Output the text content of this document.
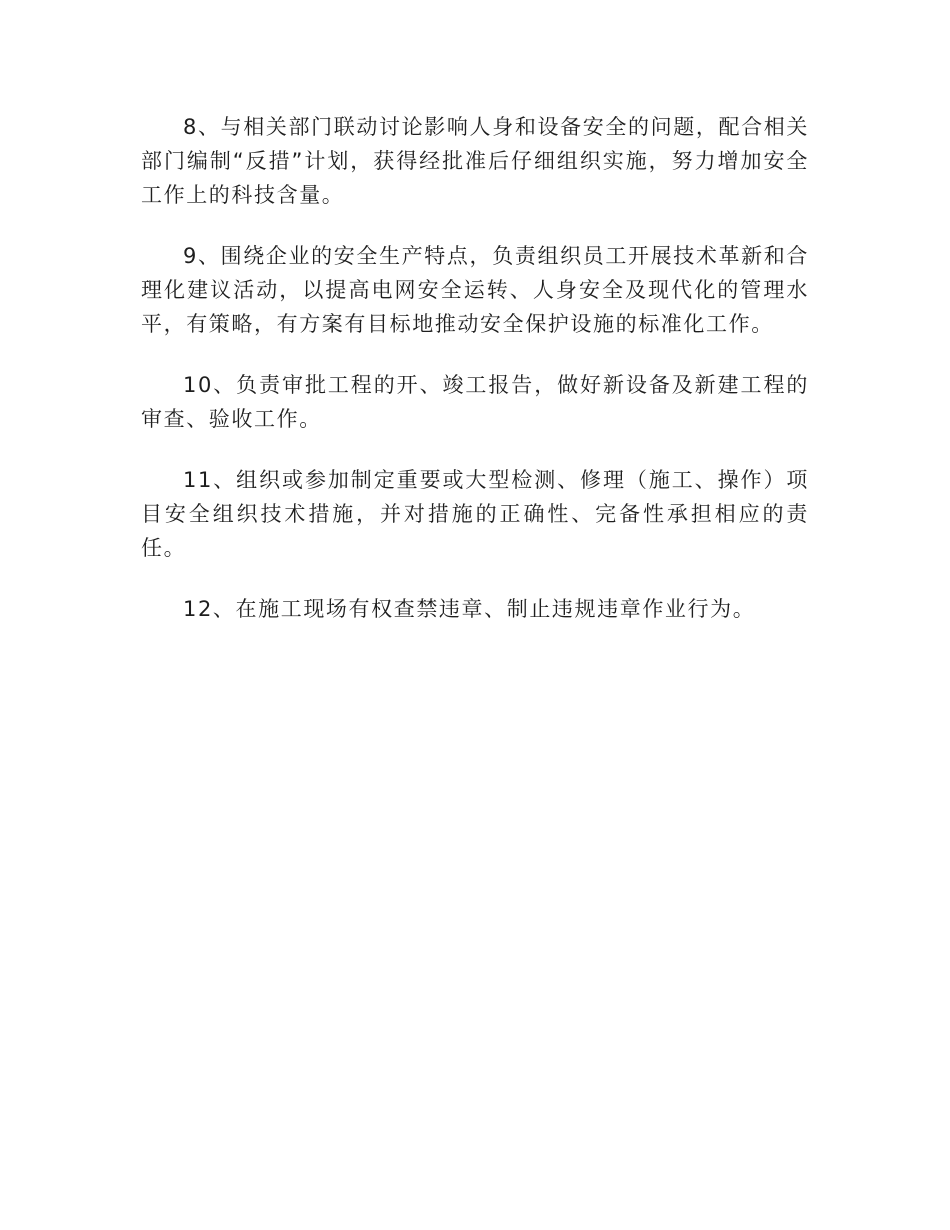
8、与相关部门联动讨论影响人身和设备安全的问题，配合相关部门编制“反措”计划，获得经批准后仔细组织实施，努力增加安全工作上的科技含量。

9、围绕企业的安全生产特点，负责组织员工开展技术革新和合理化建议活动，以提高电网安全运转、人身安全及现代化的管理水平，有策略，有方案有目标地推动安全保护设施的标准化工作。

10、负责审批工程的开、竣工报告，做好新设备及新建工程的审查、验收工作。

11、组织或参加制定重要或大型检测、修理（施工、操作）项目安全组织技术措施，并对措施的正确性、完备性承担相应的责任。

12、在施工现场有权查禁违章、制止违规违章作业行为。
